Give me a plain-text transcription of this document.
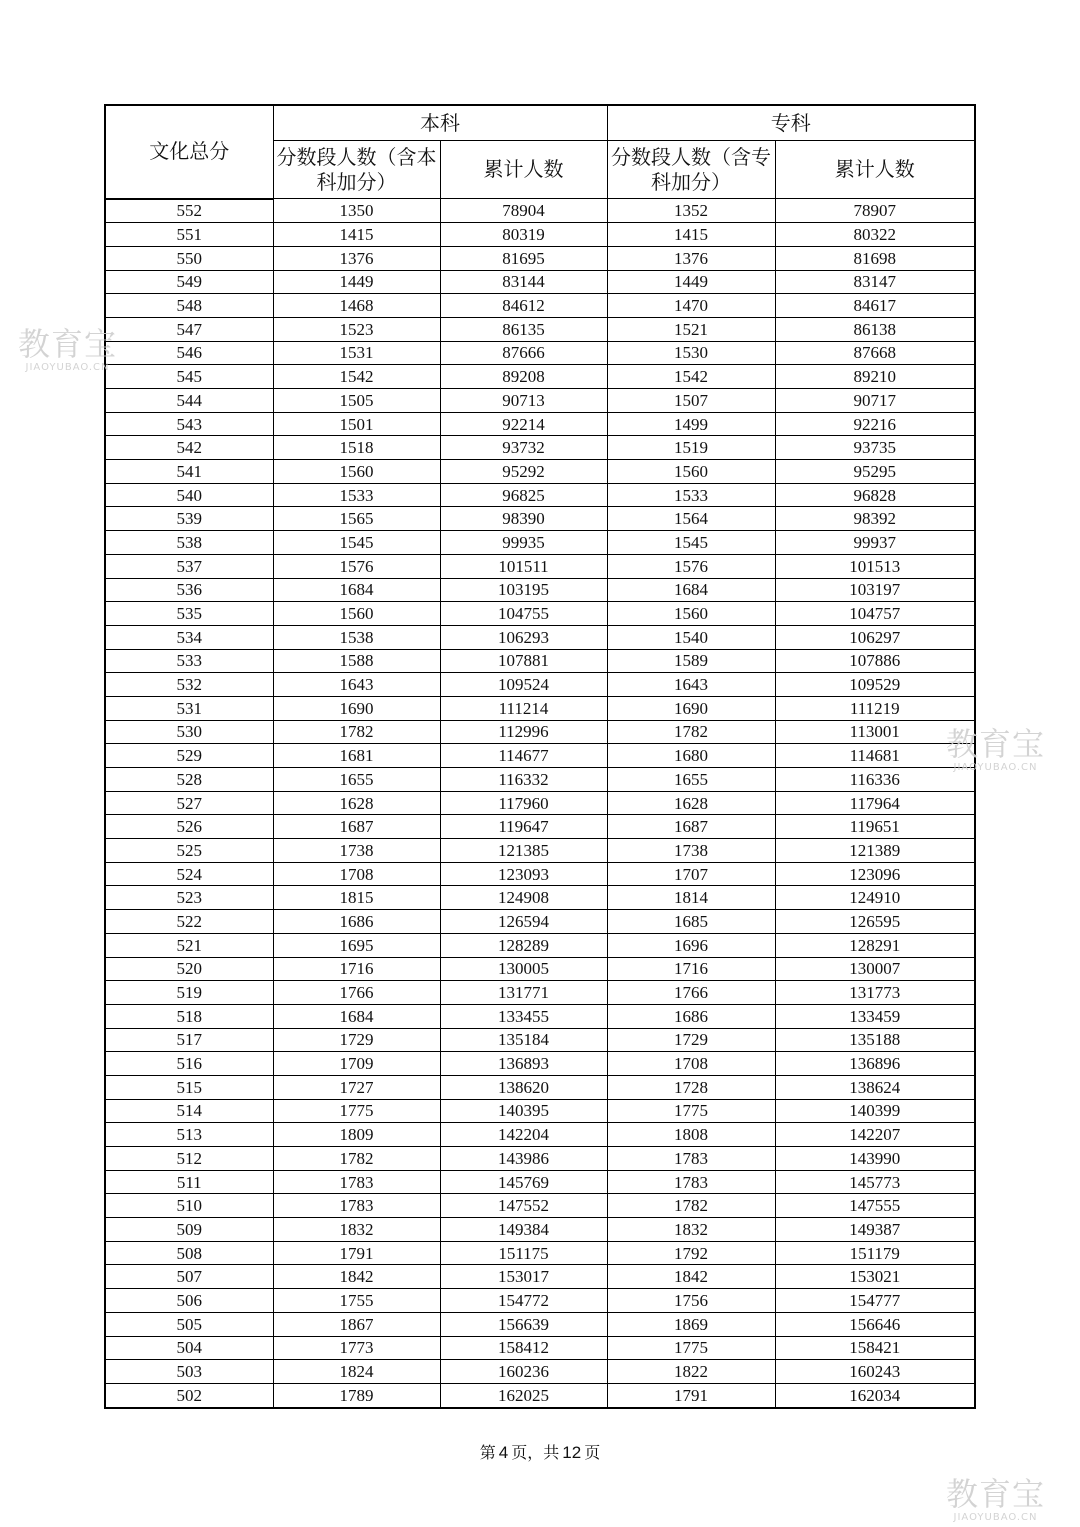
文化总分	本科		专科	
	分数段人数（含本科加分）	累计人数	分数段人数（含专科加分）	累计人数
552	1350	78904	1352	78907
551	1415	80319	1415	80322
550	1376	81695	1376	81698
549	1449	83144	1449	83147
548	1468	84612	1470	84617
547	1523	86135	1521	86138
546	1531	87666	1530	87668
545	1542	89208	1542	89210
544	1505	90713	1507	90717
543	1501	92214	1499	92216
542	1518	93732	1519	93735
541	1560	95292	1560	95295
540	1533	96825	1533	96828
539	1565	98390	1564	98392
538	1545	99935	1545	99937
537	1576	101511	1576	101513
536	1684	103195	1684	103197
535	1560	104755	1560	104757
534	1538	106293	1540	106297
533	1588	107881	1589	107886
532	1643	109524	1643	109529
531	1690	111214	1690	111219
530	1782	112996	1782	113001
529	1681	114677	1680	114681
528	1655	116332	1655	116336
527	1628	117960	1628	117964
526	1687	119647	1687	119651
525	1738	121385	1738	121389
524	1708	123093	1707	123096
523	1815	124908	1814	124910
522	1686	126594	1685	126595
521	1695	128289	1696	128291
520	1716	130005	1716	130007
519	1766	131771	1766	131773
518	1684	133455	1686	133459
517	1729	135184	1729	135188
516	1709	136893	1708	136896
515	1727	138620	1728	138624
514	1775	140395	1775	140399
513	1809	142204	1808	142207
512	1782	143986	1783	143990
511	1783	145769	1783	145773
510	1783	147552	1782	147555
509	1832	149384	1832	149387
508	1791	151175	1792	151179
507	1842	153017	1842	153021
506	1755	154772	1756	154777
505	1867	156639	1869	156646
504	1773	158412	1775	158421
503	1824	160236	1822	160243
502	1789	162025	1791	162034
第 4 页，共 12 页
教育宝
JIAOYUBAO.CN
教育宝
JIAOYUBAO.CN
教育宝
JIAOYUBAO.CN
